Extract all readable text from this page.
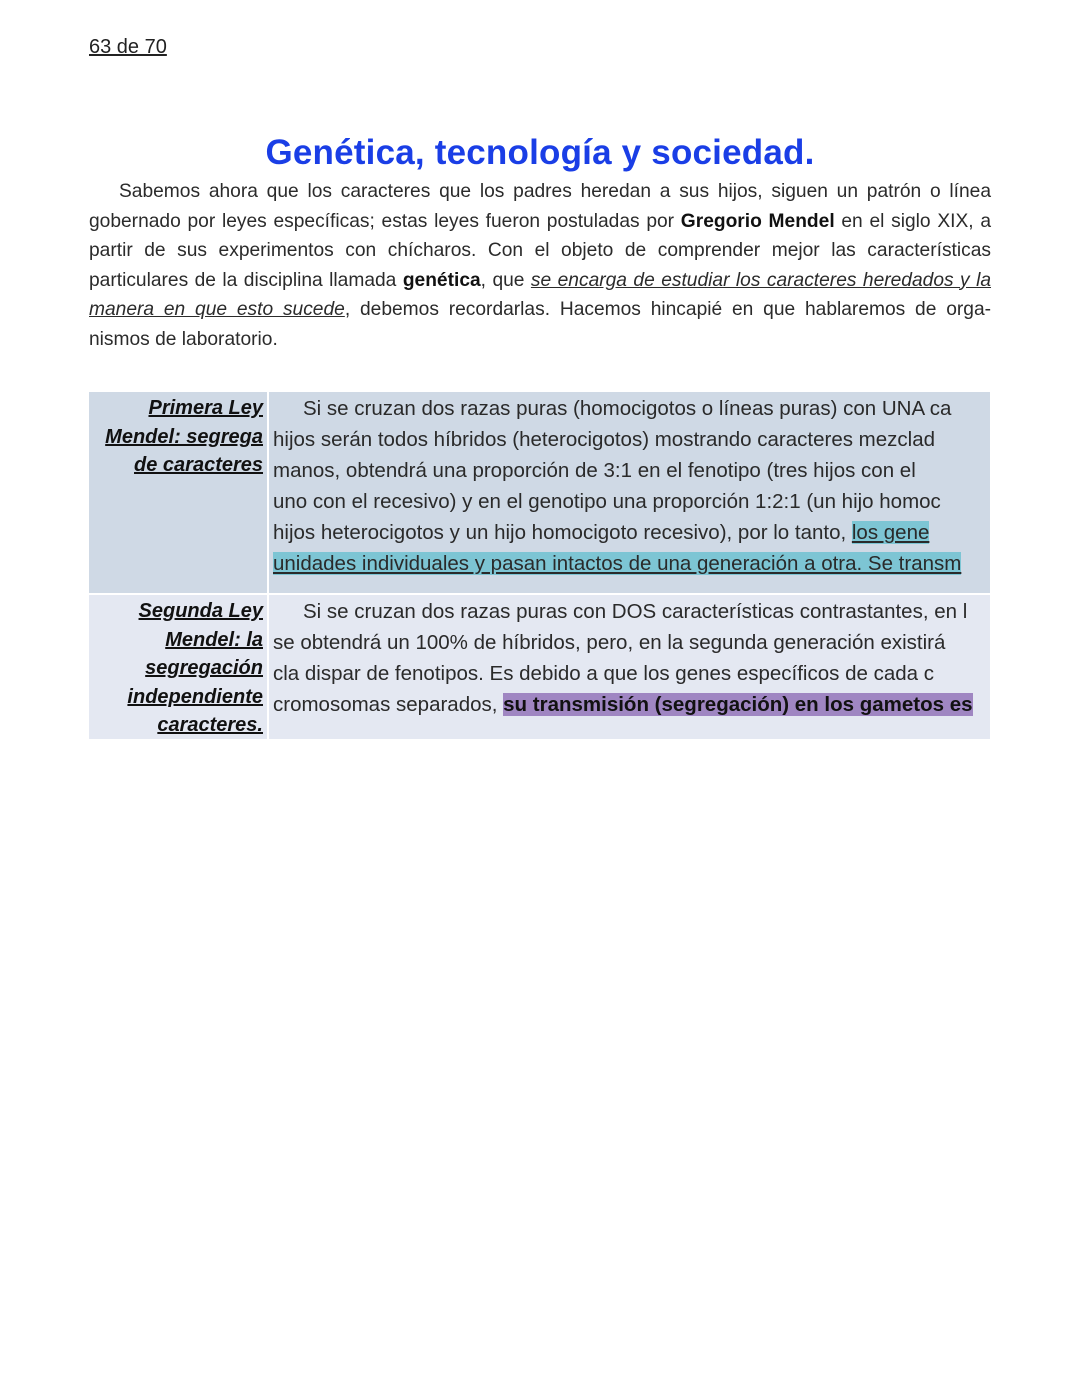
63 de 70
Genética, tecnología y sociedad.
Sabemos ahora que los caracteres que los padres heredan a sus hijos, siguen un patrón o línea gobernado por leyes específicas; estas leyes fueron postuladas por Gregorio Mendel en el siglo XIX, a partir de sus experimentos con chícharos. Con el objeto de comprender mejor las características particulares de la disciplina llamada genética, que se encarga de estudiar los caracteres heredados y la manera en que esto sucede, debemos recordarlas. Hacemos hincapié en que hablaremos de orga-nismos de laboratorio.
Primera Ley
Mendel: segrega
de caracteres
Si se cruzan dos razas puras (homocigotos o líneas puras) con UNA ca
hijos serán todos híbridos (heterocigotos) mostrando caracteres mezclad
manos, obtendrá una proporción de 3:1 en el fenotipo (tres hijos con el
uno con el recesivo) y en el genotipo una proporción 1:2:1 (un hijo homoc
hijos heterocigotos y un hijo homocigoto recesivo), por lo tanto, los gene
unidades individuales y pasan intactos de una generación a otra. Se transm
Segunda Ley
Mendel: la
segregación
independiente
caracteres.
Si se cruzan dos razas puras con DOS características contrastantes, en l
se obtendrá un 100% de híbridos, pero, en la segunda generación existirá
cla dispar de fenotipos. Es debido a que los genes específicos de cada c
cromosomas separados, su transmisión (segregación) en los gametos es
